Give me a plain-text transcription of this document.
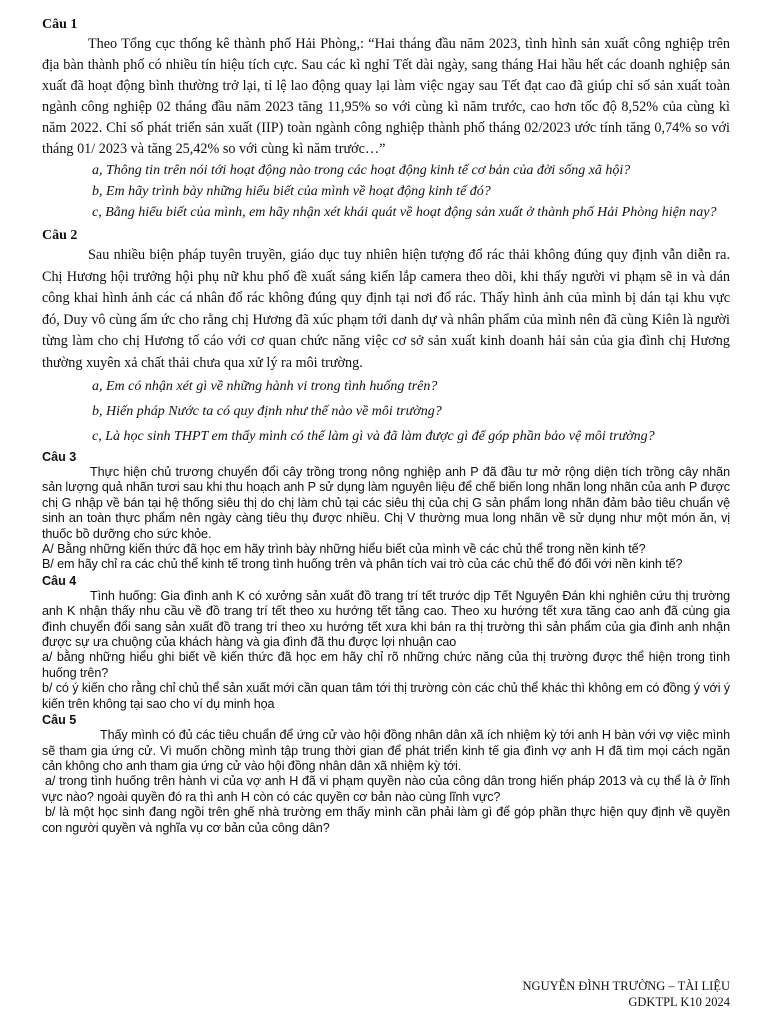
Câu 1

Theo Tổng cục thống kê thành phố Hải Phòng,: “Hai tháng đầu năm 2023, tình hình sản xuất công nghiệp trên địa bàn thành phố có nhiều tín hiệu tích cực. Sau các kì nghỉ Tết dài ngày, sang tháng Hai hầu hết các doanh nghiệp sản xuất đã hoạt động bình thường trở lại, tỉ lệ lao động quay lại làm việc ngay sau Tết đạt cao đã giúp chỉ số sản xuất toàn ngành công nghiệp 02 tháng đầu năm 2023 tăng 11,95% so với cùng kì năm trước, cao hơn tốc độ 8,52% của cùng kì năm 2022. Chỉ số phát triển sản xuất (IIP) toàn ngành công nghiệp thành phố tháng 02/2023 ước tính tăng 0,74% so với tháng 01/ 2023 và tăng 25,42% so với cùng kì năm trước…”

a, Thông tin trên nói tới hoạt động nào trong các hoạt động kinh tế cơ bản của đời sống xã hội?

b, Em hãy trình bày những hiểu biết của mình về hoạt động kinh tế đó?

c, Bằng hiểu biết của mình, em hãy nhận xét khái quát về hoạt động sản xuất ở thành phố Hải Phòng hiện nay?

Câu 2

Sau nhiều biện pháp tuyên truyền, giáo dục tuy nhiên hiện tượng đổ rác thải không đúng quy định vẫn diễn ra. Chị Hương hội trưởng hội phụ nữ khu phố đề xuất sáng kiến lắp camera theo dõi, khi thấy người vi phạm sẽ in và dán công khai hình ảnh các cá nhân đổ rác không đúng quy định tại nơi đổ rác. Thấy hình ảnh của mình bị dán tại khu vực đó, Duy vô cùng ấm ức cho rằng chị Hương đã xúc phạm tới danh dự và nhân phẩm của mình nên đã cùng Kiên là người từng làm cho chị Hương tố cáo với cơ quan chức năng việc cơ sở sản xuất kinh doanh hải sản của gia đình chị Hương thường xuyên xả chất thải chưa qua xử lý ra môi trường.

a, Em có nhận xét gì về những hành vi trong tình huống trên?

b, Hiến pháp Nước ta có quy định như thế nào về môi trường?

c, Là học sinh THPT em thấy mình có thể làm gì và đã làm được gì để góp phần bảo vệ môi trường?

Câu 3

Thực hiện chủ trương chuyển đổi cây trồng trong nông nghiệp anh P đã đầu tư mở rộng diện tích trồng cây nhãn sản lượng quả nhãn tươi sau khi thu hoạch anh P sử dụng làm nguyên liệu để chế biến long nhãn long nhãn của anh P được chị G nhập về bán tại hệ thống siêu thị do chị làm chủ tại các siêu thị của chị G sản phẩm long nhãn đảm bảo tiêu chuẩn vệ sinh an toàn thực phẩm nên ngày càng tiêu thụ được nhiều. Chị V thường mua long nhãn về sử dụng như một món ăn, vị thuốc bồ dưỡng cho sức khỏe.

A/ Bằng những kiến thức đã học em hãy trình bày những hiểu biết của mình về các chủ thể trong nền kinh tế?

B/ em hãy chỉ ra các chủ thể kinh tế trong tình huống trên và phân tích vai trò của các chủ thể đó đối với nền kinh tế?

Câu 4

Tình huống: Gia đình anh K có xưởng sản xuất đồ trang trí tết trước dịp Tết Nguyên Đán khi nghiên cứu thị trường anh K nhận thấy nhu cầu về đồ trang trí tết theo xu hướng tết tăng cao. Theo xu hướng tết xưa tăng cao anh đã cùng gia đình chuyển đổi sang sản xuất đồ trang trí theo xu hướng tết xưa khi bán ra thị trường thì sản phẩm của gia đình anh nhận được sự ưa chuộng của khách hàng và gia đình đã thu được lợi nhuận cao

a/ bằng những hiểu ghi biết về kiến thức đã học em hãy chỉ rõ những chức năng của thị trường được thể hiện trong tình huống trên?

b/ có ý kiến cho rằng chỉ chủ thể sản xuất mới cần quan tâm tới thị trường còn các chủ thể khác thì không em có đồng ý với ý kiến trên không tại sao cho ví dụ minh họa

Câu 5

Thấy mình có đủ các tiêu chuẩn để ứng cử vào hội đồng nhân dân xã ích nhiệm kỳ tới anh H bàn với vợ việc mình sẽ tham gia ứng cử. Vì muốn chồng mình tập trung thời gian để phát triển kinh tế gia đình vợ anh H đã tìm mọi cách ngăn cản không cho anh tham gia ứng cử vào hội đồng nhân dân xã nhiệm kỳ tới.

a/ trong tình huống trên hành vi của vợ anh H đã vi phạm quyền nào của công dân trong hiến pháp 2013 và cụ thể là ở lĩnh vực nào? ngoài quyền đó ra thì anh H còn có các quyền cơ bản nào cùng lĩnh vực?

b/ là một học sinh đang ngồi trên ghế nhà trường em thấy mình cần phải làm gì để góp phần thực hiện quy định về quyền con người quyền và nghĩa vụ cơ bản của công dân?

NGUYỄN ĐÌNH TRƯỜNG – TÀI LIỆU
GDKTPL K10 2024
